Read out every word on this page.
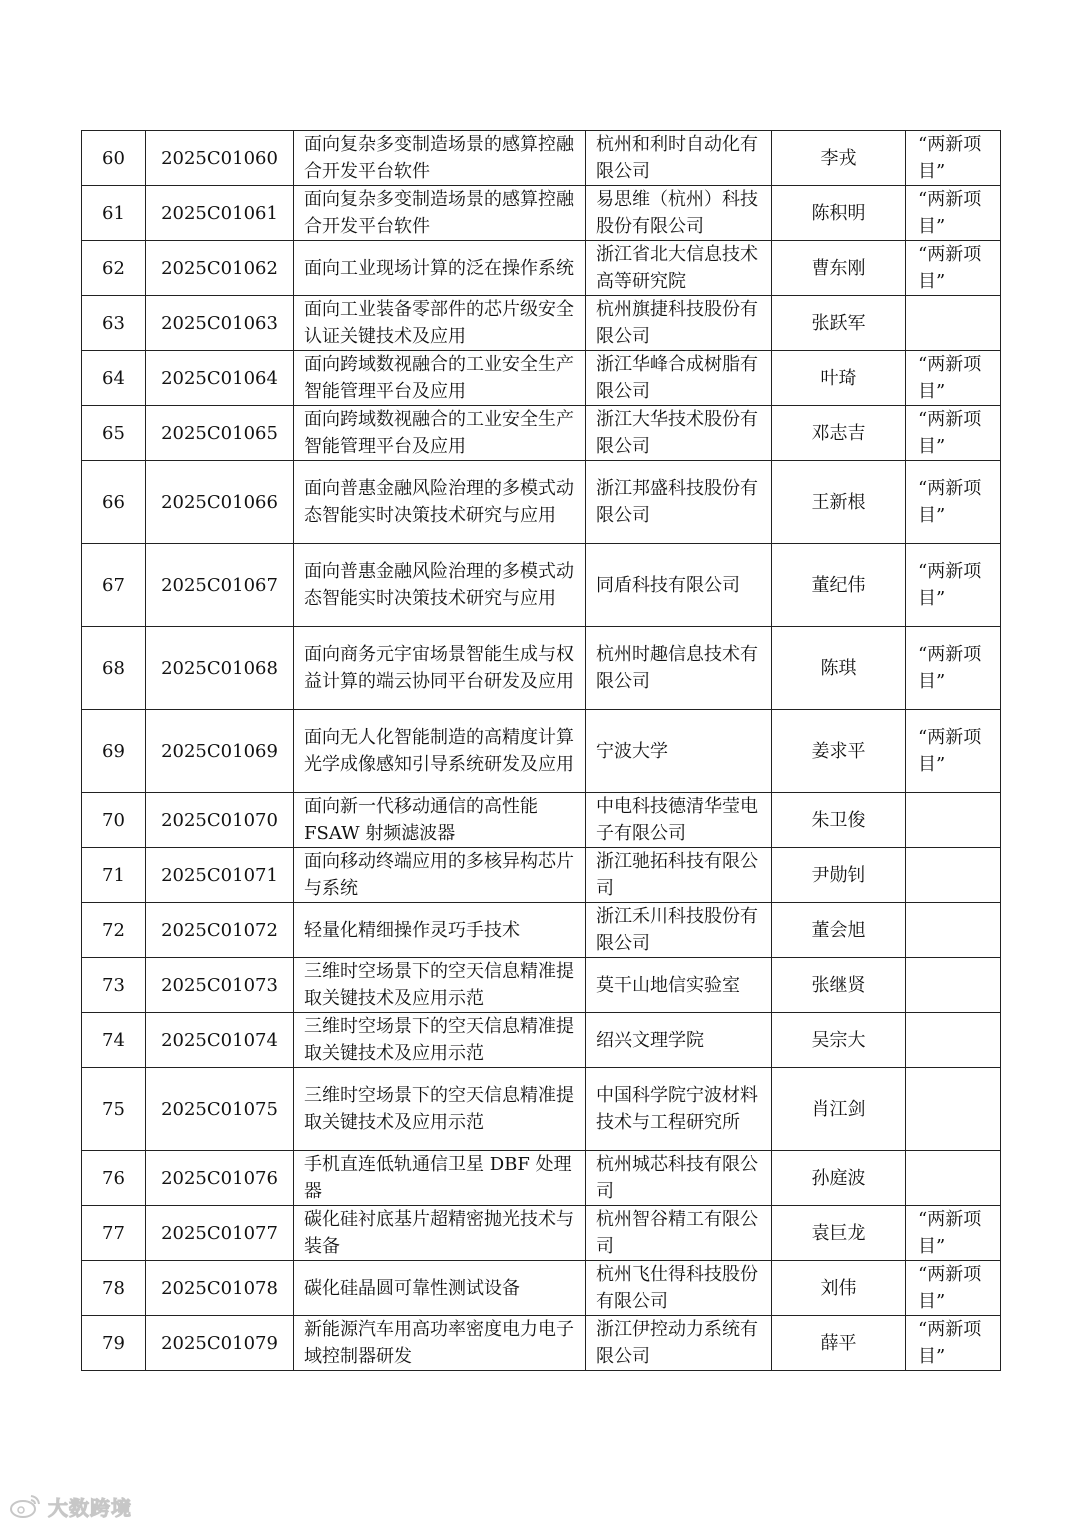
60	2025C01060	面向复杂多变制造场景的感算控融合开发平台软件	杭州和利时自动化有限公司	李戎	“两新项目”
61	2025C01061	面向复杂多变制造场景的感算控融合开发平台软件	易思维（杭州）科技股份有限公司	陈积明	“两新项目”
62	2025C01062	面向工业现场计算的泛在操作系统	浙江省北大信息技术高等研究院	曹东刚	“两新项目”
63	2025C01063	面向工业装备零部件的芯片级安全认证关键技术及应用	杭州旗捷科技股份有限公司	张跃军	
64	2025C01064	面向跨域数视融合的工业安全生产智能管理平台及应用	浙江华峰合成树脂有限公司	叶琦	“两新项目”
65	2025C01065	面向跨域数视融合的工业安全生产智能管理平台及应用	浙江大华技术股份有限公司	邓志吉	“两新项目”
66	2025C01066	面向普惠金融风险治理的多模式动态智能实时决策技术研究与应用	浙江邦盛科技股份有限公司	王新根	“两新项目”
67	2025C01067	面向普惠金融风险治理的多模式动态智能实时决策技术研究与应用	同盾科技有限公司	董纪伟	“两新项目”
68	2025C01068	面向商务元宇宙场景智能生成与权益计算的端云协同平台研发及应用	杭州时趣信息技术有限公司	陈琪	“两新项目”
69	2025C01069	面向无人化智能制造的高精度计算光学成像感知引导系统研发及应用	宁波大学	姜求平	“两新项目”
70	2025C01070	面向新一代移动通信的高性能FSAW 射频滤波器	中电科技德清华莹电子有限公司	朱卫俊	
71	2025C01071	面向移动终端应用的多核异构芯片与系统	浙江驰拓科技有限公司	尹勋钊	
72	2025C01072	轻量化精细操作灵巧手技术	浙江禾川科技股份有限公司	董会旭	
73	2025C01073	三维时空场景下的空天信息精准提取关键技术及应用示范	莫干山地信实验室	张继贤	
74	2025C01074	三维时空场景下的空天信息精准提取关键技术及应用示范	绍兴文理学院	吴宗大	
75	2025C01075	三维时空场景下的空天信息精准提取关键技术及应用示范	中国科学院宁波材料技术与工程研究所	肖江剑	
76	2025C01076	手机直连低轨通信卫星 DBF 处理器	杭州城芯科技有限公司	孙庭波	
77	2025C01077	碳化硅衬底基片超精密抛光技术与装备	杭州智谷精工有限公司	袁巨龙	“两新项目”
78	2025C01078	碳化硅晶圆可靠性测试设备	杭州飞仕得科技股份有限公司	刘伟	“两新项目”
79	2025C01079	新能源汽车用高功率密度电力电子域控制器研发	浙江伊控动力系统有限公司	薛平	“两新项目”
大数跨境
